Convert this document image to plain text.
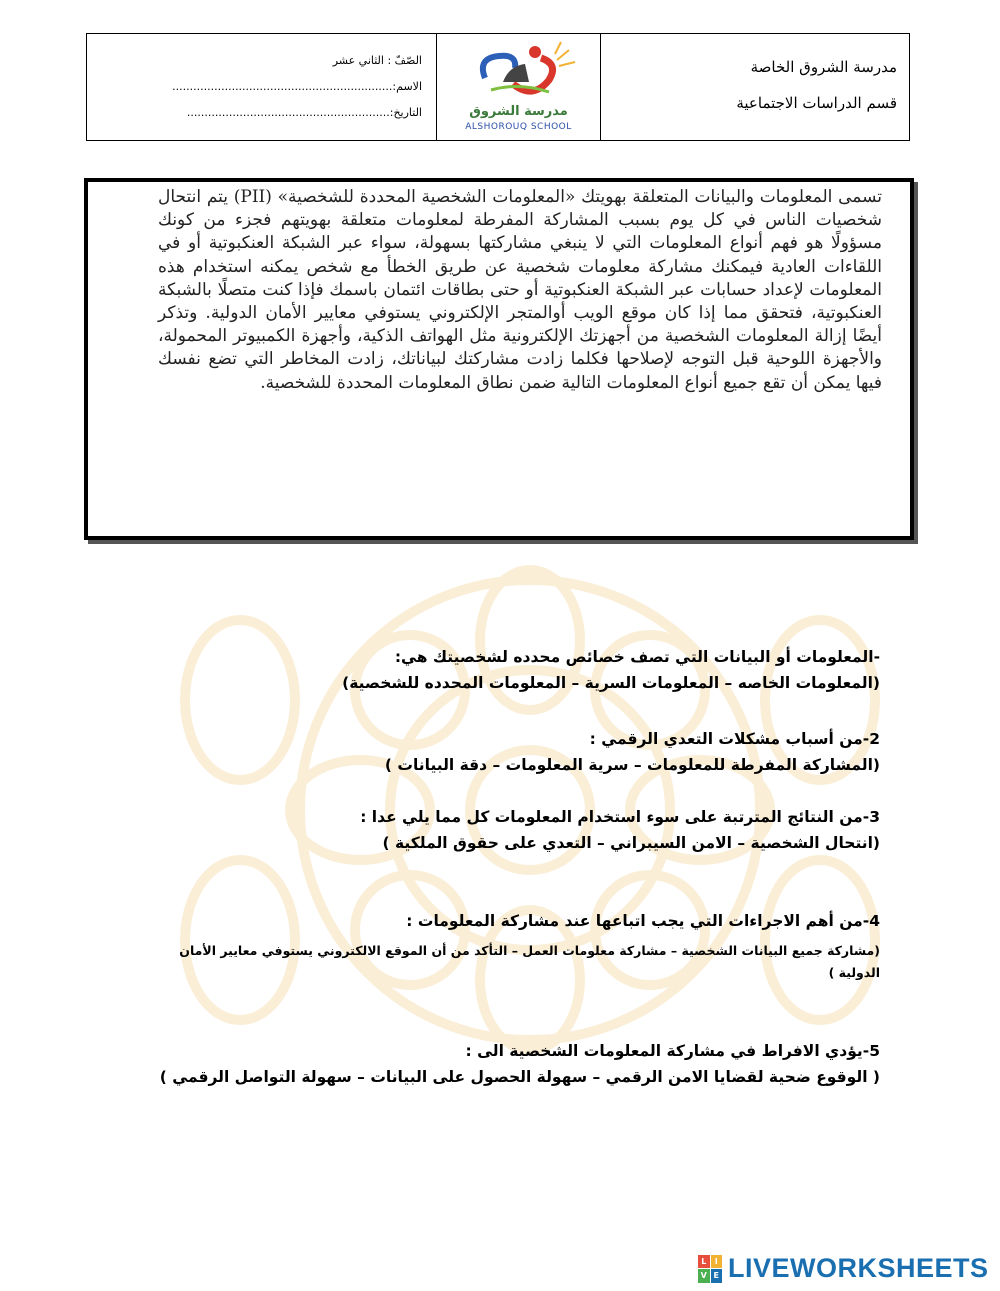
الصّفّ : الثاني عشر
الاسم:...............................................................
التاريخ:..........................................................	مدرسة الشروق
ALSHOROUQ SCHOOL
مدرسة الشروق الخاصة
قسم الدراسات الاجتماعية
تسمى المعلومات والبيانات المتعلقة بهويتك «المعلومات الشخصية المحددة للشخصية» (PII) يتم انتحال شخصيات الناس في كل يوم بسبب المشاركة المفرطة لمعلومات متعلقة بهويتهم فجزء من كونك مسؤولًا هو فهم أنواع المعلومات التي لا ينبغي مشاركتها بسهولة، سواء عبر الشبكة العنكبوتية أو في اللقاءات العادية فيمكنك مشاركة معلومات شخصية عن طريق الخطأ مع شخص يمكنه استخدام هذه المعلومات لإعداد حسابات عبر الشبكة العنكبوتية أو حتى بطاقات ائتمان باسمك فإذا كنت متصلًا بالشبكة العنكبوتية، فتحقق مما إذا كان موقع الويب أوالمتجر الإلكتروني يستوفي معايير الأمان الدولية. وتذكر أيضًا إزالة المعلومات الشخصية من أجهزتك الإلكترونية مثل الهواتف الذكية، وأجهزة الكمبيوتر المحمولة، والأجهزة اللوحية قبل التوجه لإصلاحها فكلما زادت مشاركتك لبياناتك، زادت المخاطر التي تضع نفسك فيها يمكن أن تقع جميع أنواع المعلومات التالية ضمن نطاق المعلومات المحددة للشخصية.
-المعلومات أو البيانات التي تصف خصائص محدده لشخصيتك هي:
(المعلومات الخاصه – المعلومات السرية – المعلومات المحدده للشخصية)
2-من أسباب مشكلات التعدي الرقمي :
(المشاركة المفرطة للمعلومات – سرية المعلومات – دقة البيانات )
3-من النتائج المترتبة على سوء استخدام المعلومات كل مما يلي عدا :
(انتحال الشخصية – الامن السيبراني – التعدي على حقوق الملكية )
4-من أهم الاجراءات التي يجب اتباعها عند مشاركة المعلومات :
(مشاركة جميع البيانات الشخصية – مشاركة معلومات العمل – التأكد من أن الموقع الالكتروني يستوفي معايير الأمان الدولية )
5-يؤدي الافراط في مشاركة المعلومات الشخصية الى :
( الوقوع ضحية لقضايا الامن الرقمي – سهولة الحصول على البيانات – سهولة التواصل الرقمي )
L	I
V E LIVEWORKSHEETS
